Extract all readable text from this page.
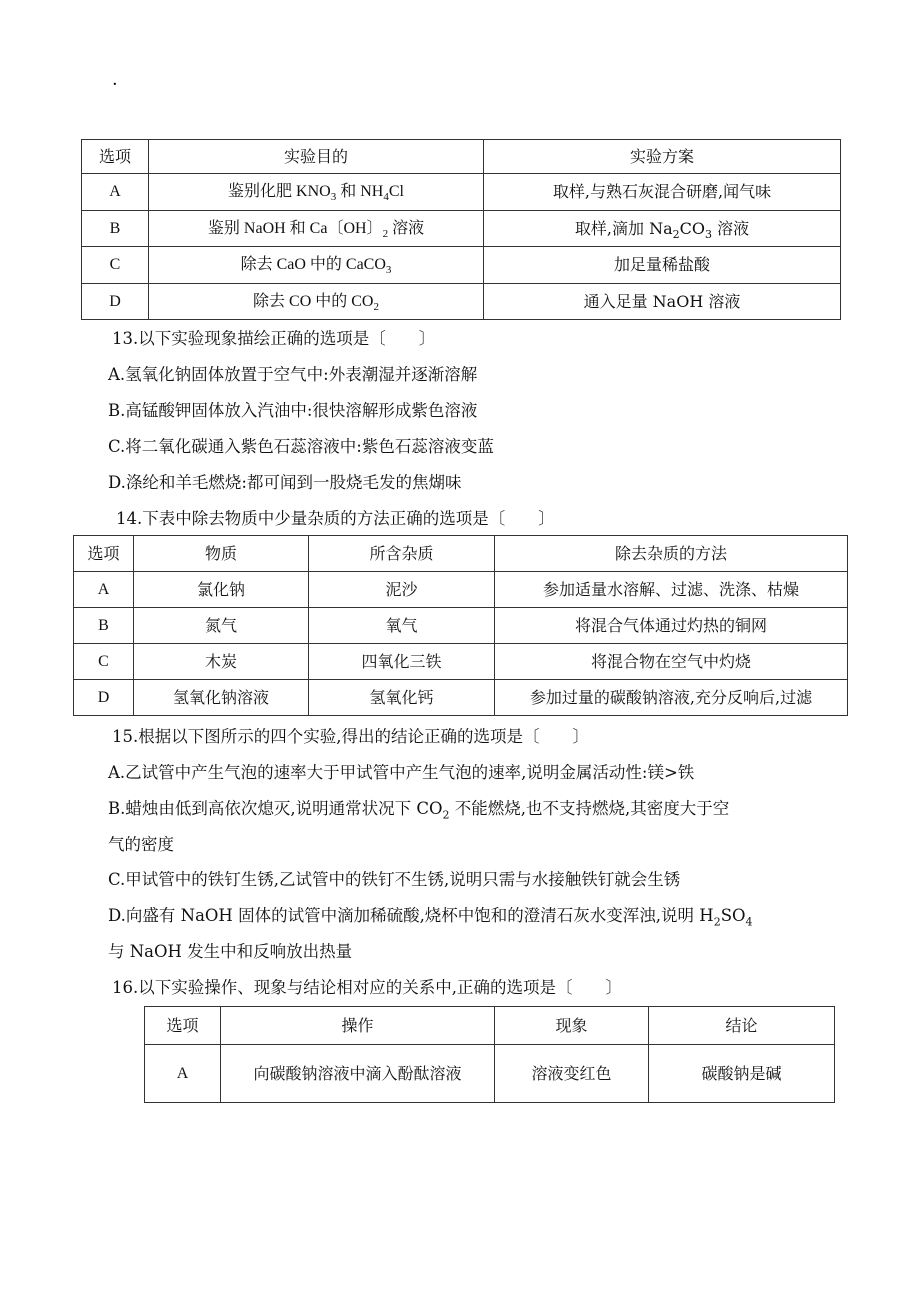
·
选项	实验目的	实验方案
A	鉴别化肥 $KNO_3$ 和 $NH_4Cl$	取样,与熟石灰混合研磨,闻气味
B	鉴别 NaOH 和 Ca〔OH〕$_2$ 溶液	取样,滴加 $Na_2CO_3$ 溶液
C	除去 CaO 中的 CaCO$_3$	加足量稀盐酸
D	除去 CO 中的 $CO_2$	通入足量 NaOH 溶液
13.以下实验现象描绘正确的选项是〔　　〕
A.氢氧化钠固体放置于空气中:外表潮湿并逐渐溶解
B.高锰酸钾固体放入汽油中:很快溶解形成紫色溶液
C.将二氧化碳通入紫色石蕊溶液中:紫色石蕊溶液变蓝
D.涤纶和羊毛燃烧:都可闻到一股烧毛发的焦煳味
14.下表中除去物质中少量杂质的方法正确的选项是〔　　〕
选项	物质	所含杂质	除去杂质的方法
A	氯化钠	泥沙	参加适量水溶解、过滤、洗涤、枯燥
B	氮气	氧气	将混合气体通过灼热的铜网
C	木炭	四氧化三铁	将混合物在空气中灼烧
D	氢氧化钠溶液	氢氧化钙	参加过量的碳酸钠溶液,充分反响后,过滤
15.根据以下图所示的四个实验,得出的结论正确的选项是〔　　〕
A.乙试管中产生气泡的速率大于甲试管中产生气泡的速率,说明金属活动性:镁>铁
B.蜡烛由低到高依次熄灭,说明通常状况下 $CO_2$ 不能燃烧,也不支持燃烧,其密度大于空
气的密度
C.甲试管中的铁钉生锈,乙试管中的铁钉不生锈,说明只需与水接触铁钉就会生锈
D.向盛有 NaOH 固体的试管中滴加稀硫酸,烧杯中饱和的澄清石灰水变浑浊,说明 $H_2SO_4$
与 NaOH 发生中和反响放出热量
16.以下实验操作、现象与结论相对应的关系中,正确的选项是〔　　〕
选项	操作	现象	结论
A	向碳酸钠溶液中滴入酚酞溶液	溶液变红色	碳酸钠是碱
